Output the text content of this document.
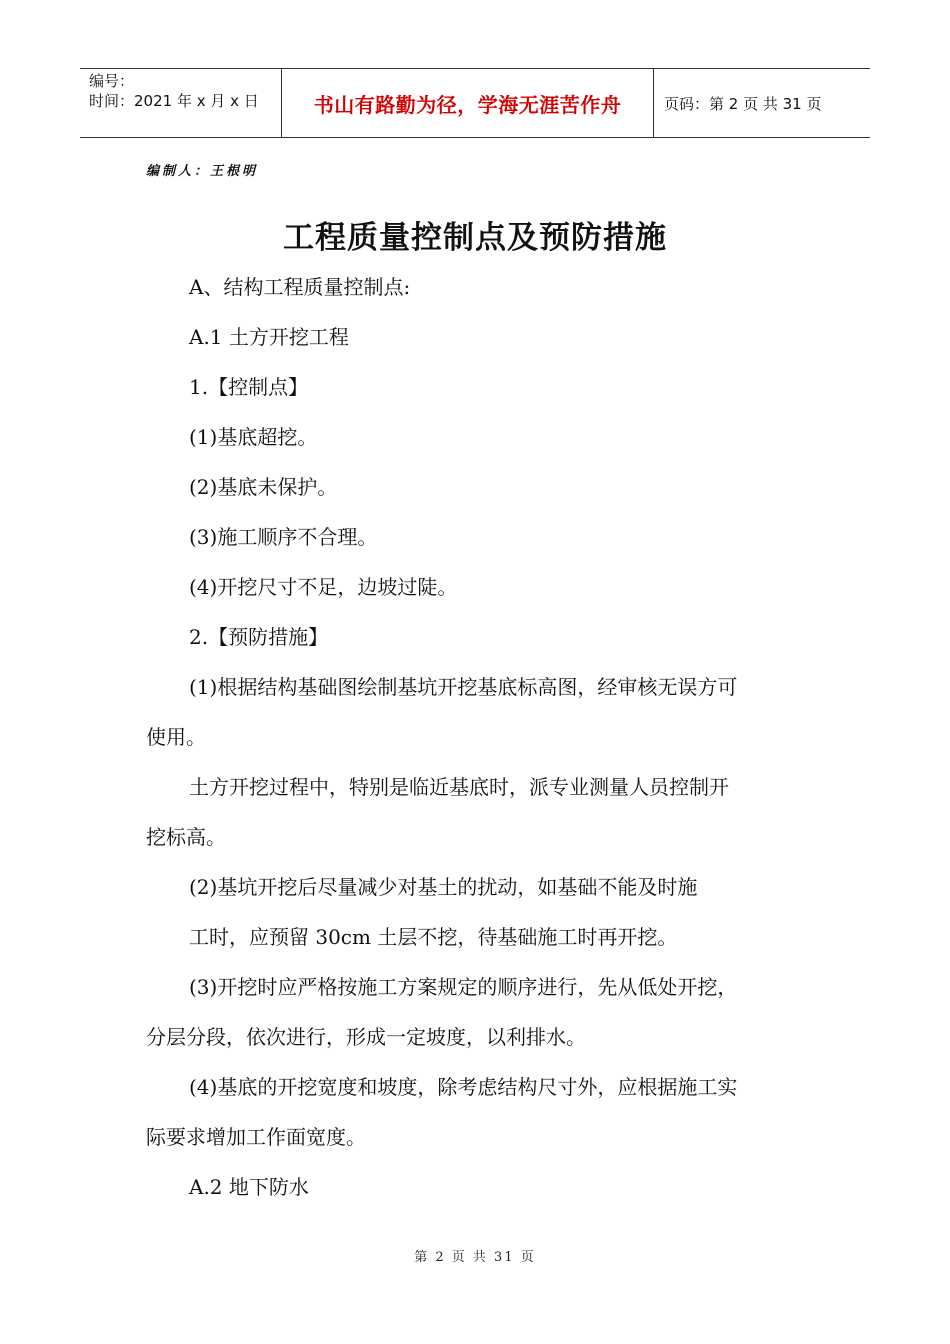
编号：
时间：2021 年 x 月 x 日	书山有路勤为径，学海无涯苦作舟	页码：第 2 页 共 31 页
编制人：王根明
工程质量控制点及预防措施
A、结构工程质量控制点:
A.1 土方开挖工程
1.【控制点】
(1)基底超挖。
(2)基底未保护。
(3)施工顺序不合理。
(4)开挖尺寸不足，边坡过陡。
2.【预防措施】
(1)根据结构基础图绘制基坑开挖基底标高图，经审核无误方可
使用。
土方开挖过程中，特别是临近基底时，派专业测量人员控制开
挖标高。
(2)基坑开挖后尽量减少对基土的扰动，如基础不能及时施
工时，应预留 30cm 土层不挖，待基础施工时再开挖。
(3)开挖时应严格按施工方案规定的顺序进行，先从低处开挖，
分层分段，依次进行，形成一定坡度，以利排水。
(4)基底的开挖宽度和坡度，除考虑结构尺寸外，应根据施工实
际要求增加工作面宽度。
A.2 地下防水
第 2 页 共 31 页
